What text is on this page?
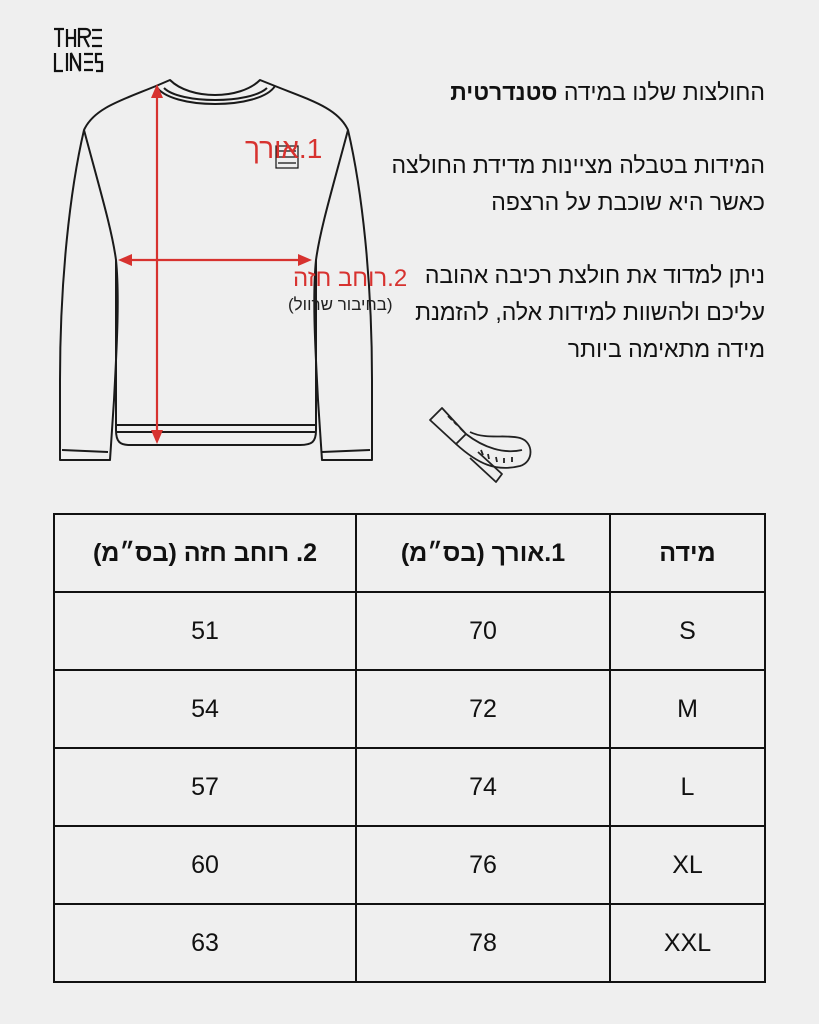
1.אורך
2.רוחב חזה
(בחיבור שרוול)

החולצות שלנו במידה סטנדרטית

המידות בטבלה מציינות מדידת החולצה כאשר היא שוכבת על הרצפה

ניתן למדוד את חולצת רכיבה אהובה עליכם ולהשוות למידות אלה, להזמנת מידה מתאימה ביותר

מידה	1.אורך (בס״מ)	2. רוחב חזה (בס״מ)
S	70	51
M	72	54
L	74	57
XL	76	60
XXL	78	63
